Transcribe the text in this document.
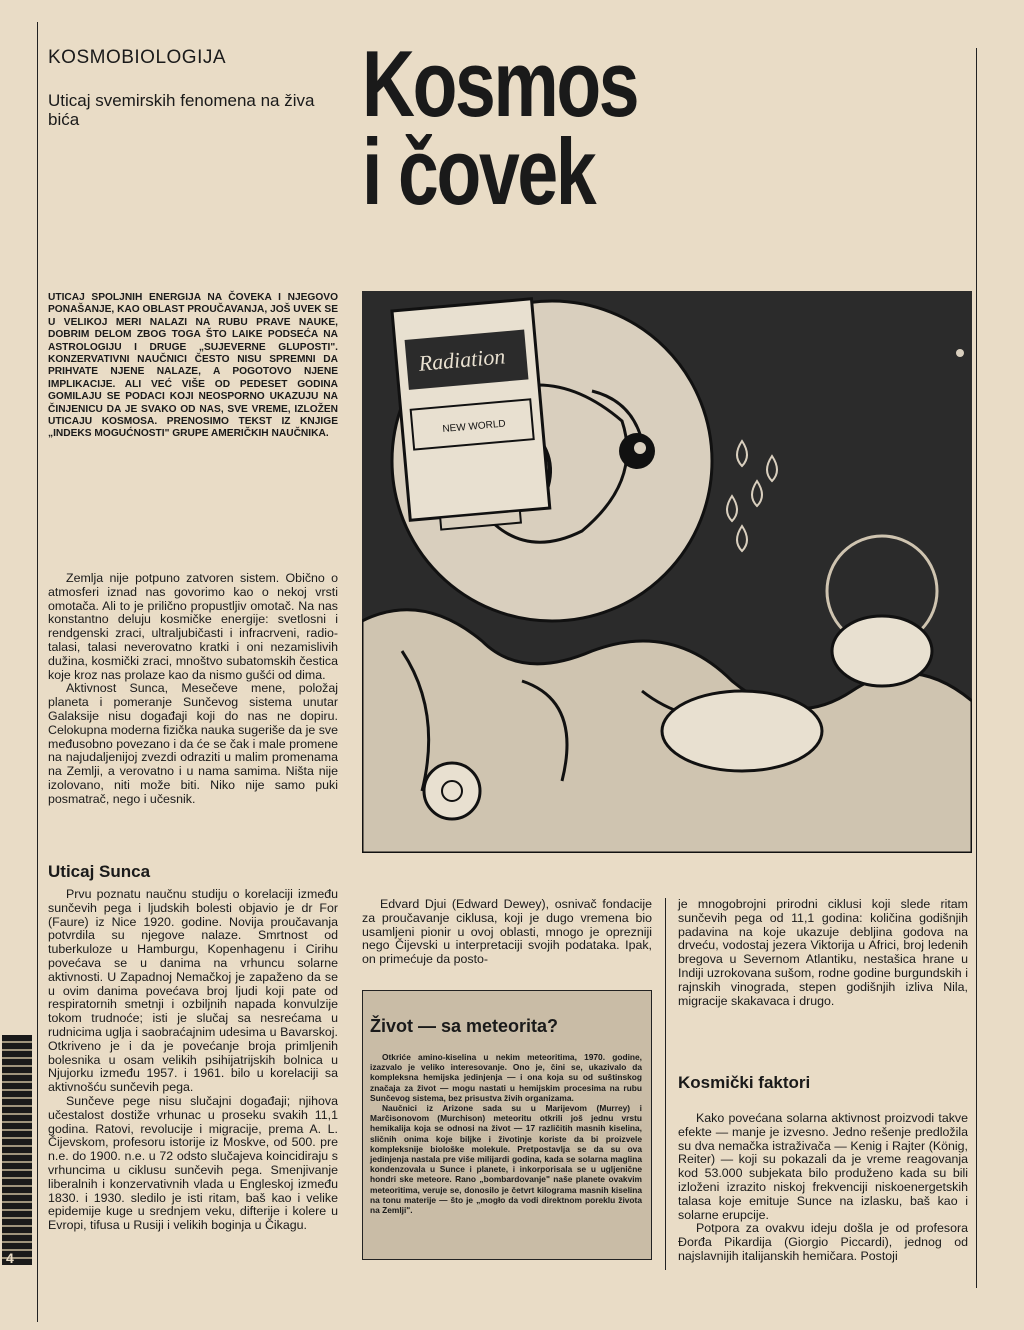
KOSMOBIOLOGIJA

Uticaj svemirskih fenomena na živa bića	Kosmos
i čovek

UTICAJ SPOLJNIH ENERGIJA NA ČOVEKA I NJEGOVO PONAŠANJE, KAO OBLAST PROUČAVANJA, JOŠ UVEK SE U VELIKOJ MERI NALAZI NA RUBU PRAVE NAUKE, DOBRIM DELOM ZBOG TOGA ŠTO LAIKE PODSEĆA NA ASTROLOGIJU I DRUGE „SUJEVERNE GLUPOSTI". KONZERVATIVNI NAUČNICI ČESTO NISU SPREMNI DA PRIHVATE NJENE NALAZE, A POGOTOVO NJENE IMPLIKACIJE. ALI VEĆ VIŠE OD PEDESET GODINA GOMILAJU SE PODACI KOJI NEOSPORNO UKAZUJU NA ČINJENICU DA JE SVAKO OD NAS, SVE VREME, IZLOŽEN UTICAJU KOSMOSA. PRENOSIMO TEKST IZ KNJIGE „INDEKS MOGUĆNOSTI" GRUPE AMERIČKIH NAUČNIKA.

Radiation
NEW WORLD

Zemlja nije potpuno zatvoren sistem. Obično o atmosferi iznad nas govorimo kao o nekoj vrsti omotača. Ali to je prilično propustljiv omotač. Na nas konstantno deluju kosmičke energije: svetlosni i rendgenski zraci, ultraljubičasti i infracrveni, radio-talasi, talasi neverovatno kratki i oni nezamislivih dužina, kosmički zraci, mnoštvo subatomskih čestica koje kroz nas prolaze kao da nismo gušći od dima.

Aktivnost Sunca, Mesečeve mene, položaj planeta i pomeranje Sunčevog sistema unutar Galaksije nisu događaji koji do nas ne dopiru. Celokupna moderna fizička nauka sugeriše da je sve međusobno povezano i da će se čak i male promene na najudaljenijoj zvezdi odraziti u malim promenama na Zemlji, a verovatno i u nama samima. Ništa nije izolovano, niti može biti. Niko nije samo puki posmatrač, nego i učesnik.

Uticaj Sunca

Prvu poznatu naučnu studiju o korelaciji između sunčevih pega i ljudskih bolesti objavio je dr For (Faure) iz Nice 1920. godine. Novija proučavanja potvrdila su njegove nalaze. Smrtnost od tuberkuloze u Hamburgu, Kopenhagenu i Cirihu povećava se u danima na vrhuncu solarne aktivnosti. U Zapadnoj Nemačkoj je zapaženo da se u ovim danima povećava broj ljudi koji pate od respiratornih smetnji i ozbiljnih napada konvulzije tokom trudnoće; isti je slučaj sa nesrećama u rudnicima uglja i saobraćajnim udesima u Bavarskoj. Otkriveno je i da je povećanje broja primljenih bolesnika u osam velikih psihijatrijskih bolnica u Njujorku između 1957. i 1961. bilo u korelaciji sa aktivnošću sunčevih pega.

Sunčeve pege nisu slučajni događaji; njihova učestalost dostiže vrhunac u proseku svakih 11,1 godina. Ratovi, revolucije i migracije, prema A. L. Čijevskom, profesoru istorije iz Moskve, od 500. pre n.e. do 1900. n.e. u 72 odsto slučajeva koincidiraju s vrhuncima u ciklusu sunčevih pega. Smenjivanje liberalnih i konzervativnih vlada u Engleskoj između 1830. i 1930. sledilo je isti ritam, baš kao i velike epidemije kuge u srednjem veku, difterije i kolere u Evropi, tifusa u Rusiji i velikih boginja u Čikagu.

Edvard Djui (Edward Dewey), osnivač fondacije za proučavanje ciklusa, koji je dugo vremena bio usamljeni pionir u ovoj oblasti, mnogo je oprezniji nego Čijevski u interpretaciji svojih podataka. Ipak, on primećuje da posto-

Život — sa meteorita?

Otkriće amino-kiselina u nekim meteoritima, 1970. godine, izazvalo je veliko interesovanje. Ono je, čini se, ukazivalo da kompleksna hemijska jedinjenja — i ona koja su od suštinskog značaja za život — mogu nastati u hemijskim procesima na rubu Sunčevog sistema, bez prisustva živih organizama.

Naučnici iz Arizone sada su u Marijevom (Murrey) i Marčisonovom (Murchison) meteoritu otkrili još jednu vrstu hemikalija koja se odnosi na život — 17 različitih masnih kiselina, sličnih onima koje biljke i životinje koriste da bi proizvele kompleksnije biološke molekule. Pretpostavlja se da su ova jedinjenja nastala pre više milijardi godina, kada se solarna maglina kondenzovala u Sunce i planete, i inkorporisala se u ugljenične hondri ske meteore. Rano „bombardovanje" naše planete ovakvim meteoritima, veruje se, donosilo je četvrt kilograma masnih kiselina na tonu materije — što je „mogło da vodi direktnom poreklu života na Zemlji".

je mnogobrojni prirodni ciklusi koji slede ritam sunčevih pega od 11,1 godina: količina godišnjih padavina na koje ukazuje debljina godova na drveću, vodostaj jezera Viktorija u Africi, broj ledenih bregova u Severnom Atlantiku, nestašica hrane u Indiji uzrokovana sušom, rodne godine burgundskih i rajnskih vinograda, stepen godišnjih izliva Nila, migracije skakavaca i drugo.

Kosmički faktori

Kako povećana solarna aktivnost proizvodi takve efekte — manje je izvesno. Jedno rešenje predložila su dva nemačka istraživača — Kenig i Rajter (König, Reiter) — koji su pokazali da je vreme reagovanja kod 53.000 subjekata bilo produženo kada su bili izloženi izrazito niskoj frekvenciji niskoenergetskih talasa koje emituje Sunce na izlasku, baš kao i solarne erupcije.

Potpora za ovakvu ideju došla je od profesora Đorđa Pikardija (Giorgio Piccardi), jednog od najslavnijih italijanskih hemičara. Postoji

4
